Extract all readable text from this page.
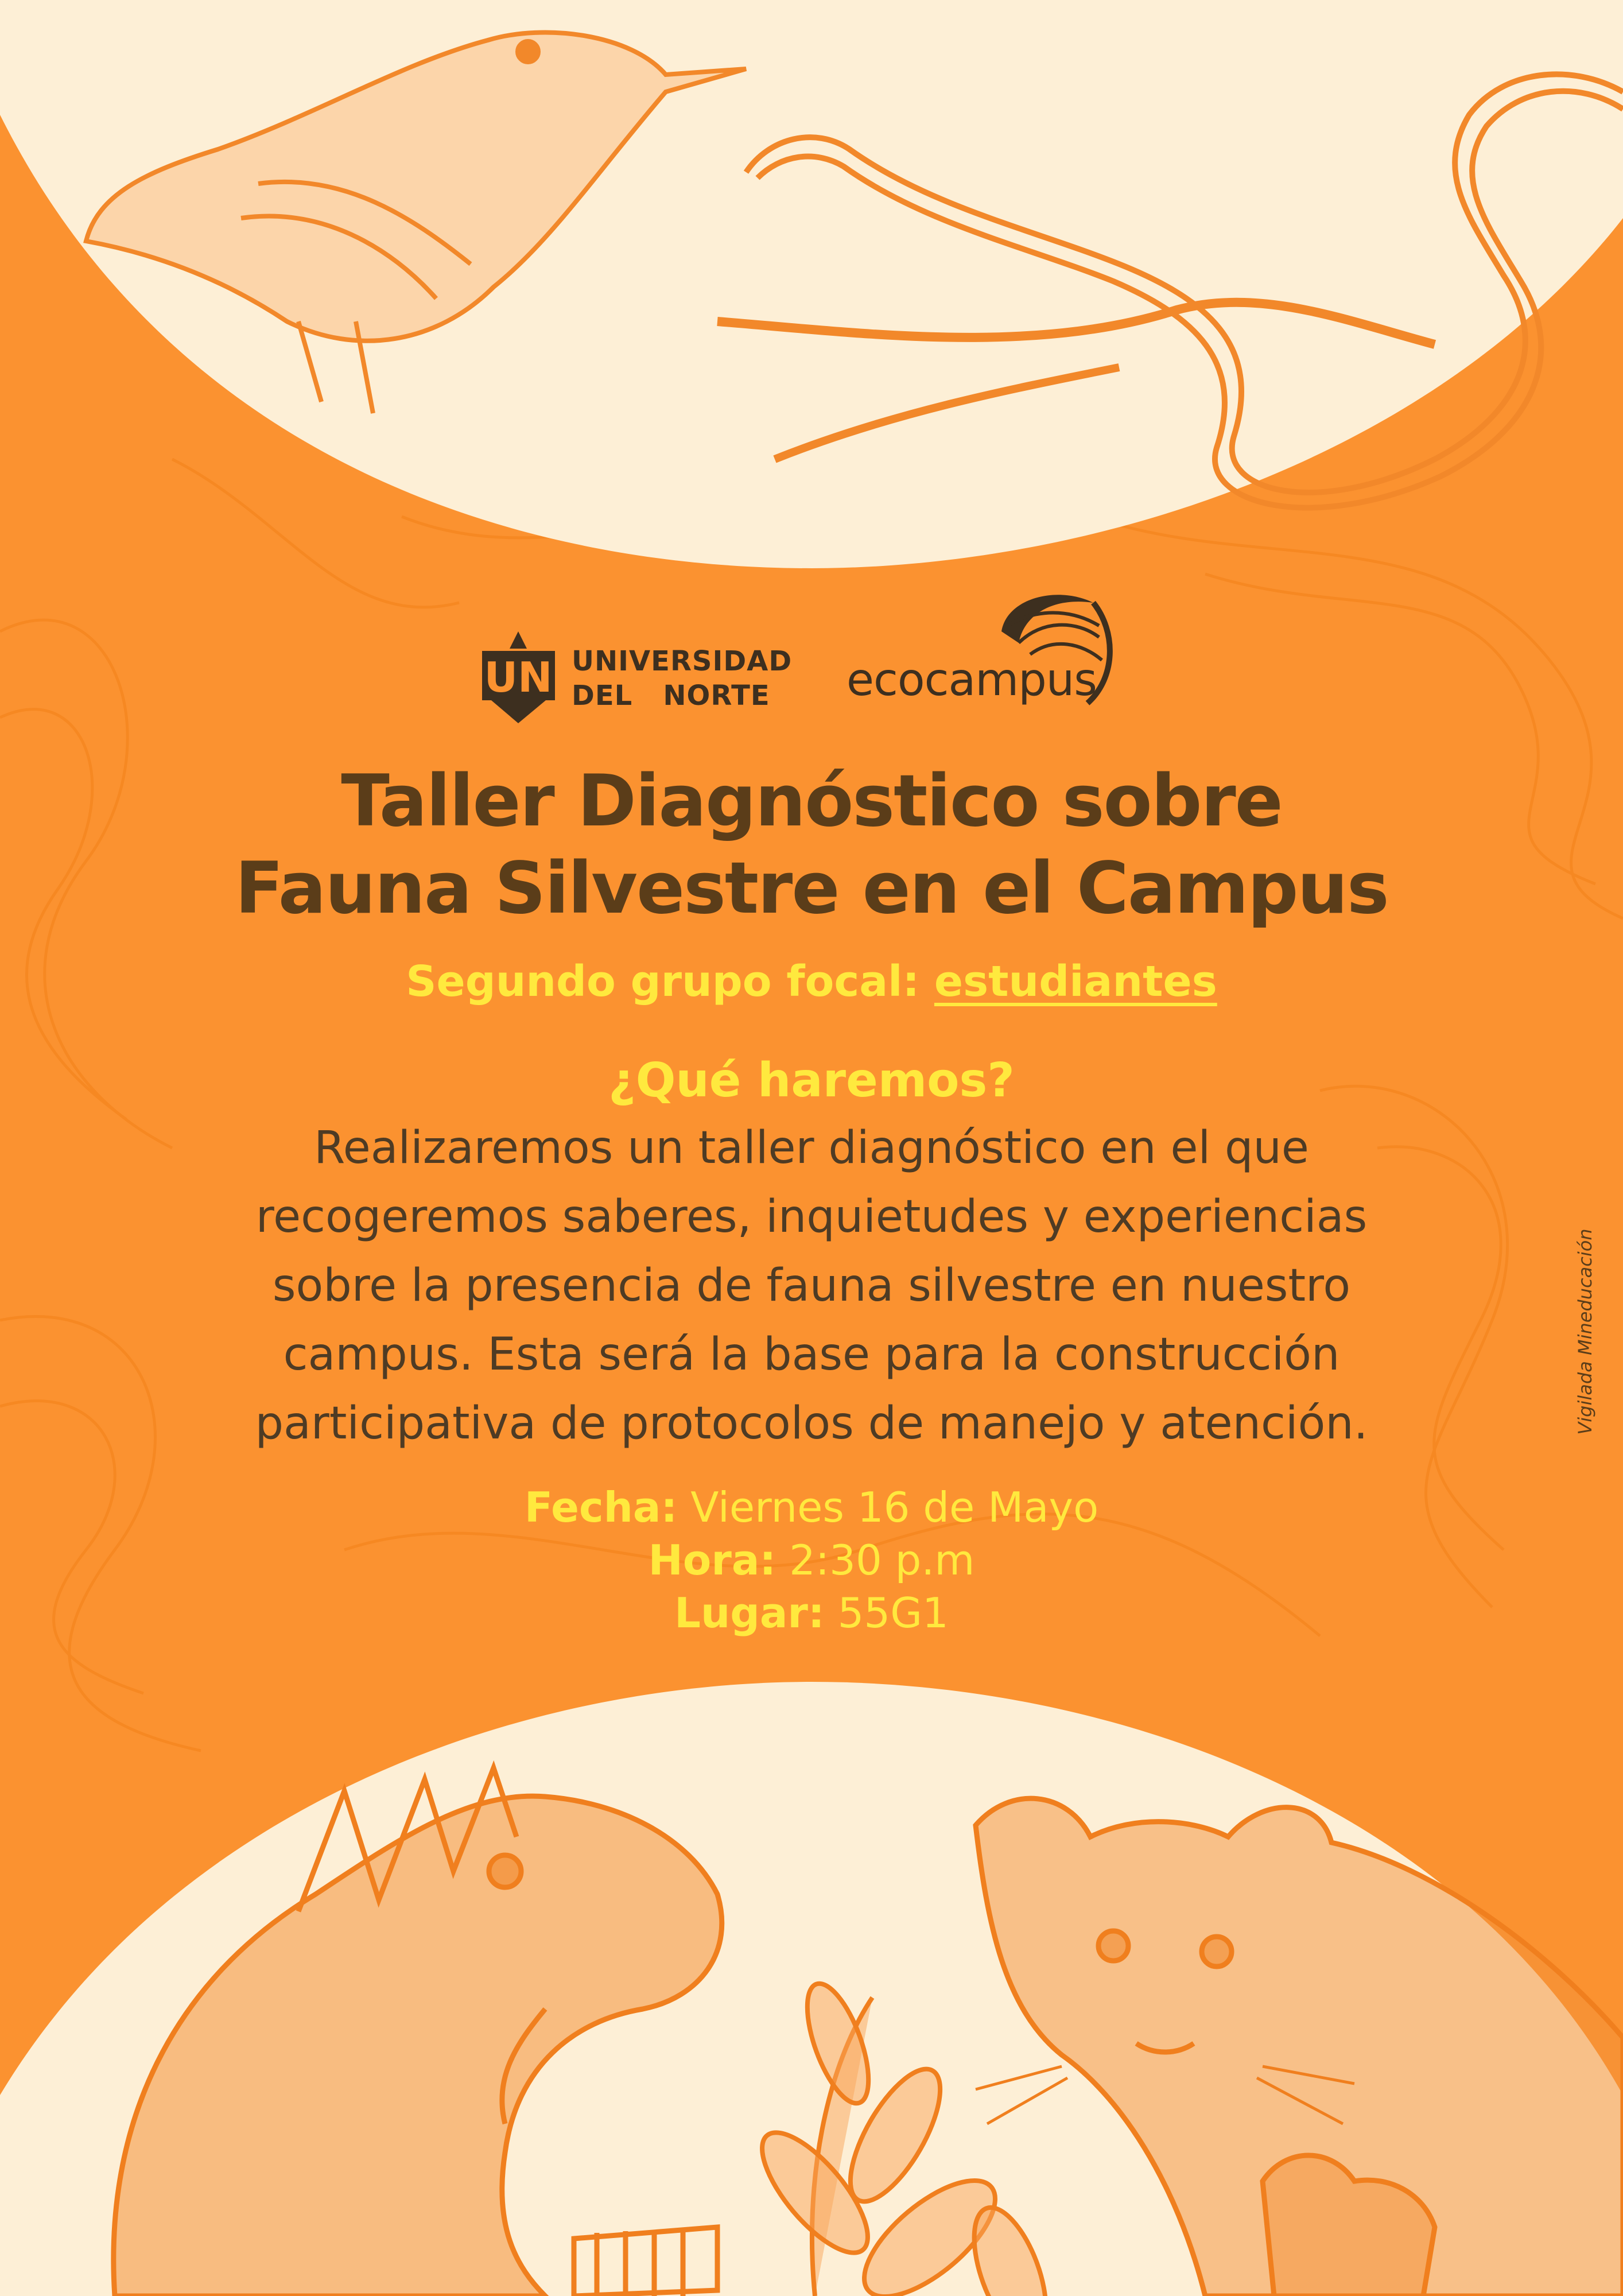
UN UNIVERSIDAD
DEL   NORTE	ecocampus
Taller Diagnóstico sobre
Fauna Silvestre en el Campus
Segundo grupo focal: estudiantes
¿Qué haremos?
Realizaremos un taller diagnóstico en el que
recogeremos saberes, inquietudes y experiencias
sobre la presencia de fauna silvestre en nuestro
campus. Esta será la base para la construcción
participativa de protocolos de manejo y atención.
Fecha: Viernes 16 de Mayo
Hora: 2:30 p.m
Lugar: 55G1
Vigilada Mineducación
